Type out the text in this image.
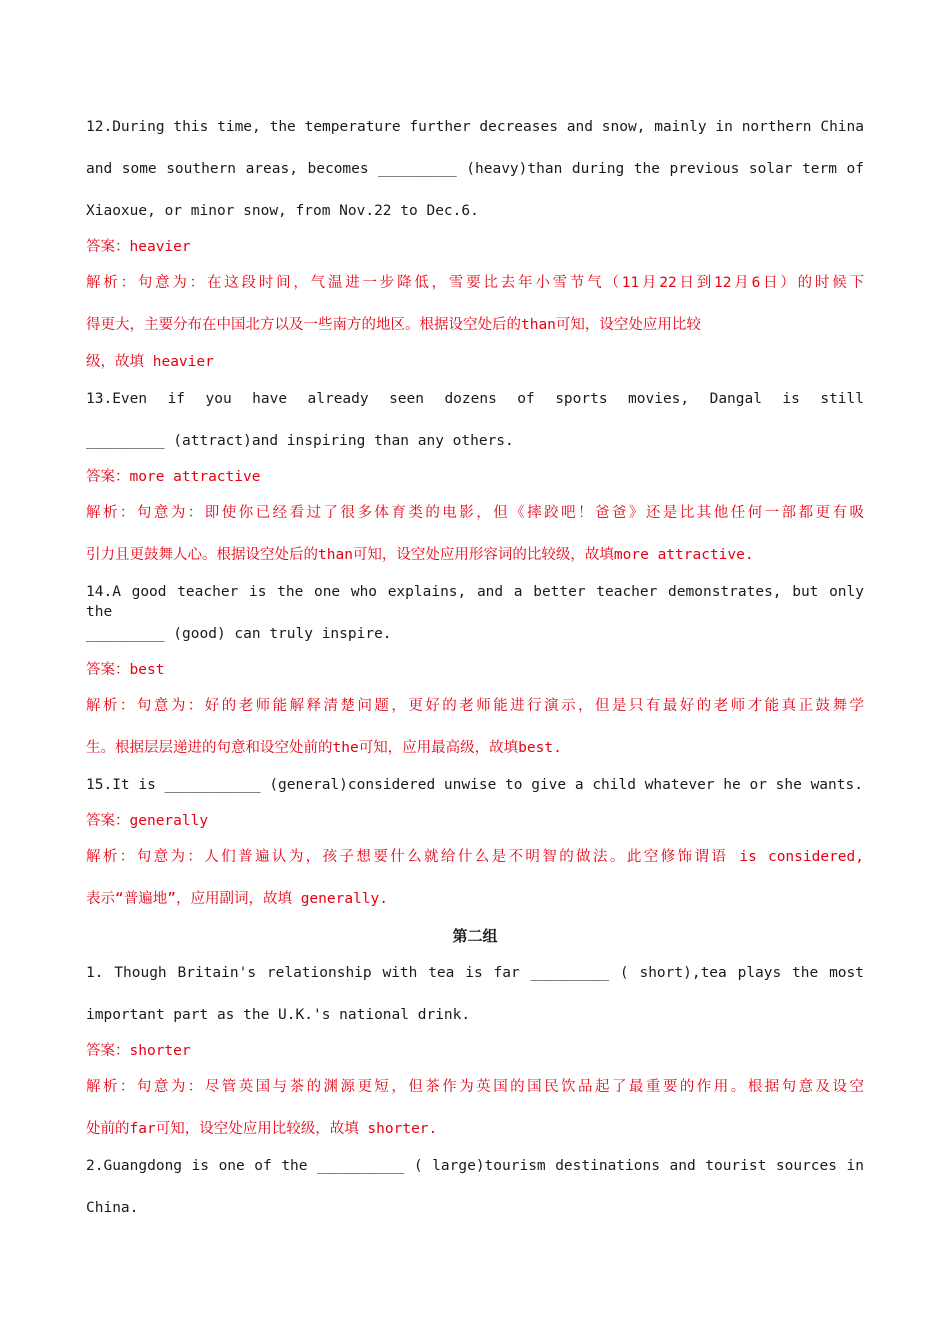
12.During this time, the temperature further decreases and snow, mainly in northern China
and some southern areas, becomes _________ (heavy)than during the previous solar term of
Xiaoxue, or minor snow, from Nov.22 to Dec.6.
答案：heavier
解析：句意为：在这段时间，气温进一步降低，雪要比去年小雪节气（11月22日到12月6日）的时候下
得更大，主要分布在中国北方以及一些南方的地区。根据设空处后的than可知，设空处应用比较
级，故填 heavier
13.Even if you have already seen dozens of sports movies, Dangal is still
_________ (attract)and inspiring than any others.
答案：more attractive
解析：句意为：即使你已经看过了很多体育类的电影，但《摔跤吧！爸爸》还是比其他任何一部都更有吸
引力且更鼓舞人心。根据设空处后的than可知，设空处应用形容词的比较级，故填more attractive.
14.A good teacher is the one who explains, and a better teacher demonstrates, but only the
_________ (good) can truly inspire.
答案：best
解析：句意为：好的老师能解释清楚问题，更好的老师能进行演示，但是只有最好的老师才能真正鼓舞学
生。根据层层递进的句意和设空处前的the可知，应用最高级，故填best.
15.It is ___________ (general)considered unwise to give a child whatever he or she wants.
答案：generally
解析：句意为：人们普遍认为，孩子想要什么就给什么是不明智的做法。此空修饰谓语 is considered,
表示“普遍地”，应用副词，故填 generally.
第二组
1. Though Britain's relationship with tea is far _________ ( short),tea plays the most
important part as the U.K.'s national drink.
答案：shorter
解析：句意为：尽管英国与茶的渊源更短，但茶作为英国的国民饮品起了最重要的作用。根据句意及设空
处前的far可知，设空处应用比较级，故填 shorter.
2.Guangdong is one of the __________ ( large)tourism destinations and tourist sources in
China.
